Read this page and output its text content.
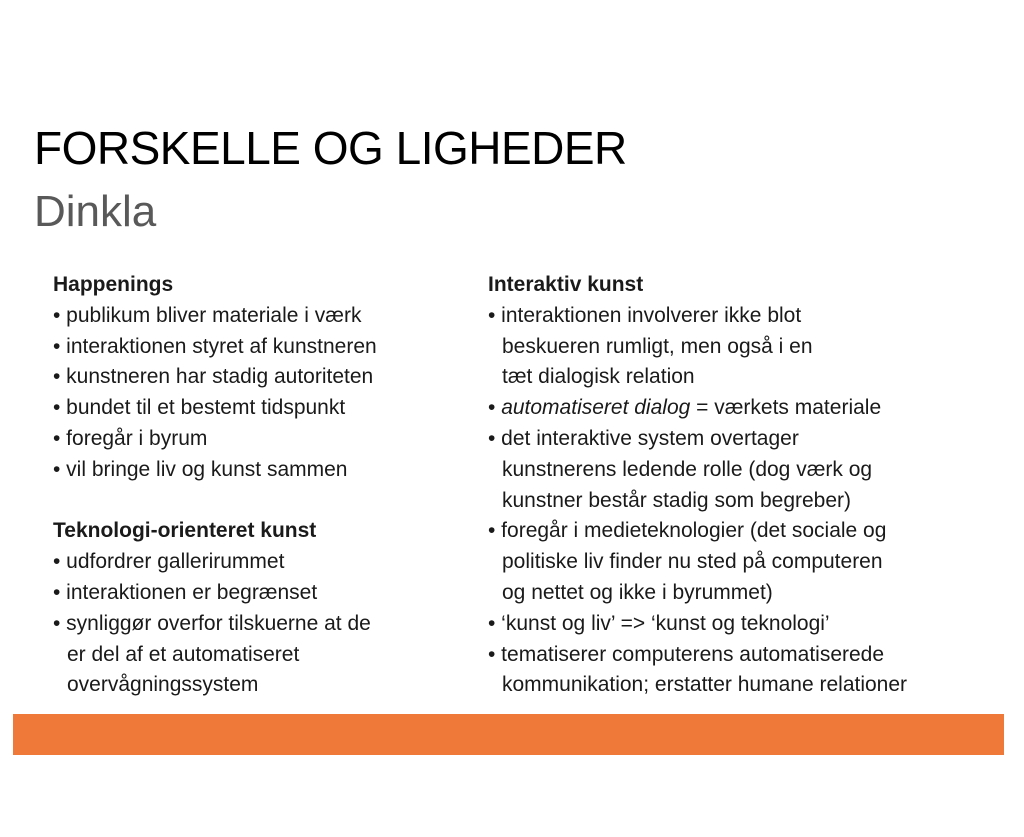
FORSKELLE OG LIGHEDER
Dinkla
Happenings
• publikum bliver materiale i værk
• interaktionen styret af kunstneren
• kunstneren har stadig autoriteten
• bundet til et bestemt tidspunkt
• foregår i byrum
• vil bringe liv og kunst sammen
Teknologi-orienteret kunst
• udfordrer gallerirummet
• interaktionen er begrænset
• synliggør overfor tilskuerne at de
er del af et automatiseret
overvågningssystem
Interaktiv kunst
• interaktionen involverer ikke blot
beskueren rumligt, men også i en
tæt dialogisk relation
• automatiseret dialog = værkets materiale
• det interaktive system overtager
kunstnerens ledende rolle (dog værk og
kunstner består stadig som begreber)
• foregår i medieteknologier (det sociale og
politiske liv finder nu sted på computeren
og nettet og ikke i byrummet)
• ‘kunst og liv’ => ‘kunst og teknologi’
• tematiserer computerens automatiserede
kommunikation; erstatter humane relationer

Digital æstetik i teori og praksis  ::  OPLEVELSESDESIGN ::  18.03.10  ::  Anne Sophie Witzke
